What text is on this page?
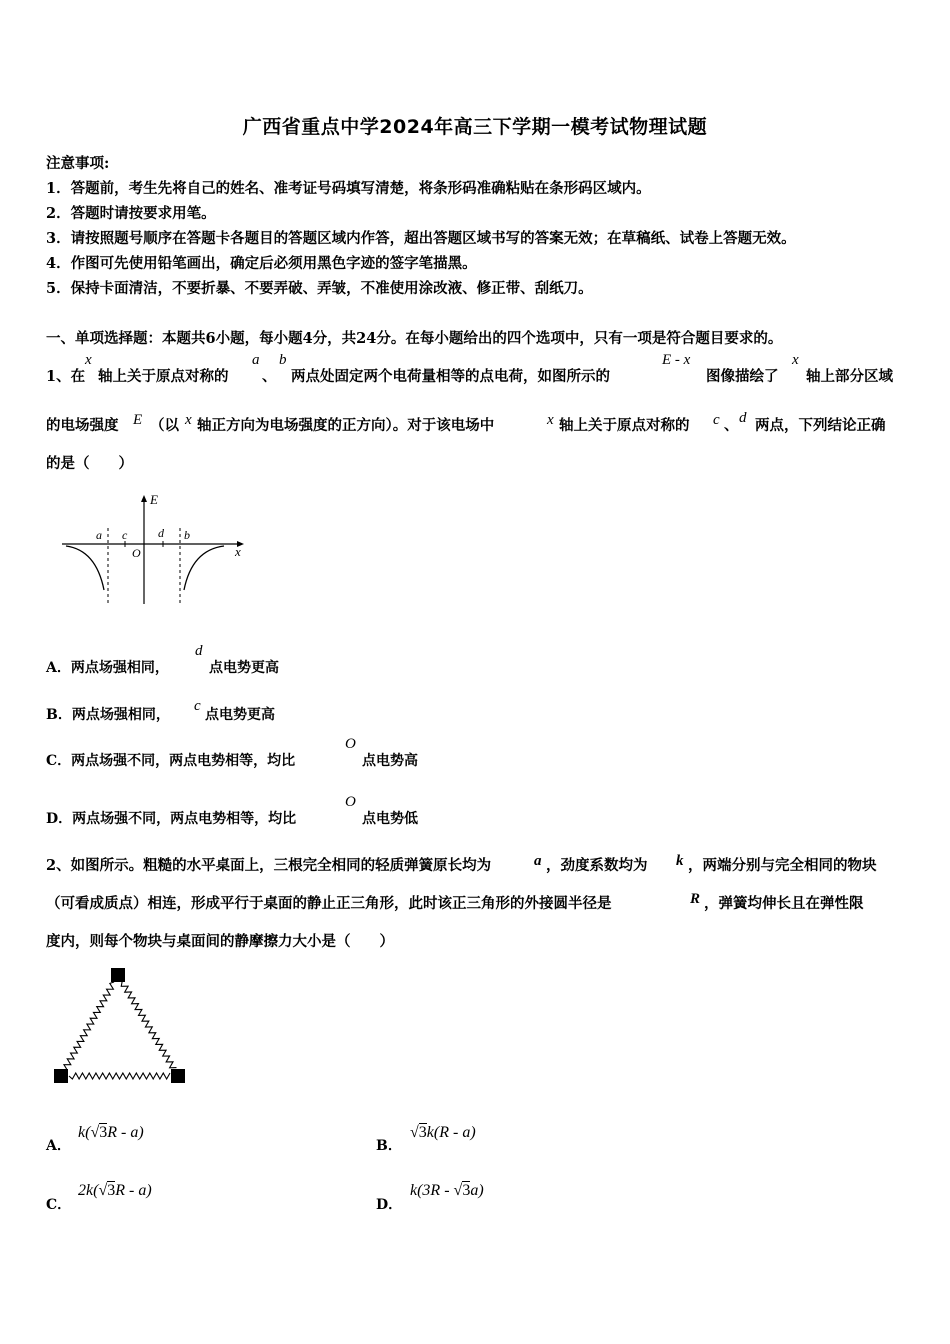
广西省重点中学2024年高三下学期一模考试物理试题
注意事项:
1．答题前，考生先将自己的姓名、准考证号码填写清楚，将条形码准确粘贴在条形码区域内。
2．答题时请按要求用笔。
3．请按照题号顺序在答题卡各题目的答题区域内作答，超出答题区域书写的答案无效；在草稿纸、试卷上答题无效。
4．作图可先使用铅笔画出，确定后必须用黑色字迹的签字笔描黑。
5．保持卡面清洁，不要折暴、不要弄破、弄皱，不准使用涂改液、修正带、刮纸刀。
一、单项选择题：本题共6小题，每小题4分，共24分。在每小题给出的四个选项中，只有一项是符合题目要求的。
1、在
x
轴上关于原点对称的
a
、
b
两点处固定两个电荷量相等的点电荷，如图所示的
E - x
图像描绘了
x
轴上部分区域
的电场强度 E （以 x 轴正方向为电场强度的正方向）。对于该电场中	x 轴上关于原点对称的 c 、 d 两点，下列结论正确
的是（　　）
E
x
a c
O
d b
A．两点场强相同，
d
点电势更高
B．两点场强相同，
c
点电势更高
C．两点场强不同，两点电势相等，均比
O
点电势高
D．两点场强不同，两点电势相等，均比
O
点电势低
2、如图所示。粗糙的水平桌面上，三根完全相同的轻质弹簧原长均为	a ，劲度系数均为 k ，两端分别与完全相同的物块
（可看成质点）相连，形成平行于桌面的静止正三角形，此时该正三角形的外接圆半径是	R ，弹簧均伸长且在弹性限
度内，则每个物块与桌面间的静摩擦力大小是（　　）
A．
k(√3R - a)
B．
√3k(R - a)
C．
2k(√3R - a)
D．
k(3R - √3a)
